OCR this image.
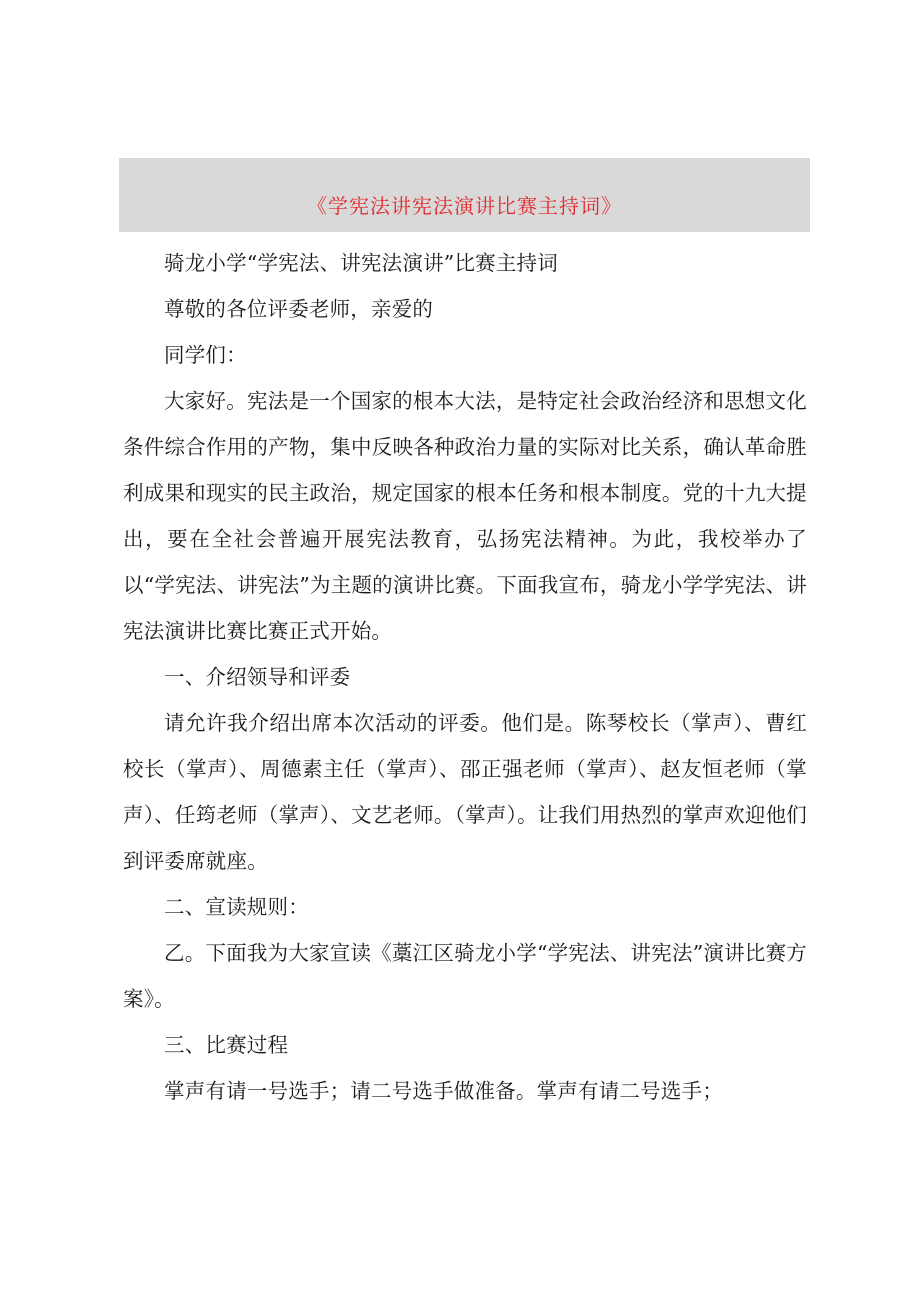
《学宪法讲宪法演讲比赛主持词》

骑龙小学“学宪法、讲宪法演讲”比赛主持词

尊敬的各位评委老师，亲爱的

同学们：

大家好。宪法是一个国家的根本大法，是特定社会政治经济和思想文化条件综合作用的产物，集中反映各种政治力量的实际对比关系，确认革命胜利成果和现实的民主政治，规定国家的根本任务和根本制度。党的十九大提出，要在全社会普遍开展宪法教育，弘扬宪法精神。为此，我校举办了以“学宪法、讲宪法”为主题的演讲比赛。下面我宣布，骑龙小学学宪法、讲宪法演讲比赛比赛正式开始。

一、介绍领导和评委

请允许我介绍出席本次活动的评委。他们是。陈琴校长（掌声）、曹红校长（掌声）、周德素主任（掌声）、邵正强老师（掌声）、赵友恒老师（掌声）、任筠老师（掌声）、文艺老师。（掌声）。让我们用热烈的掌声欢迎他们到评委席就座。

二、宣读规则：

乙。下面我为大家宣读《藁江区骑龙小学“学宪法、讲宪法”演讲比赛方案》。

三、比赛过程

掌声有请一号选手；请二号选手做准备。掌声有请二号选手；
